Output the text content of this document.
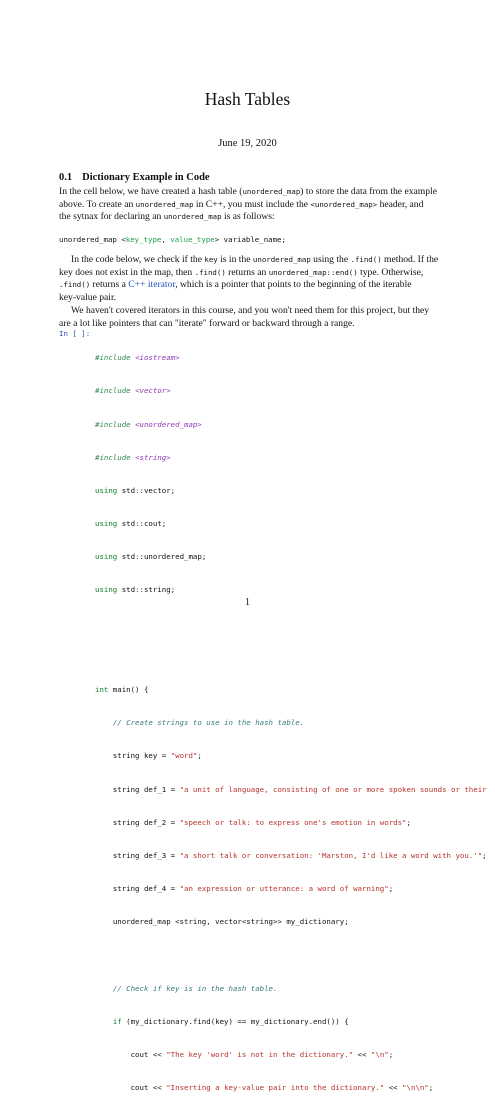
Hash Tables
June 19, 2020
0.1 Dictionary Example in Code
In the cell below, we have created a hash table (unordered_map) to store the data from the example
above. To create an unordered_map in C++, you must include the <unordered_map> header, and
the sytnax for declaring an unordered_map is as follows:
unordered_map <key_type, value_type> variable_name;
In the code below, we check if the key is in the unordered_map using the .find() method. If the
key does not exist in the map, then .find() returns an unordered_map::end() type. Otherwise,
.find() returns a C++ iterator, which is a pointer that points to the beginning of the iterable
key-value pair.
We haven't covered iterators in this course, and you won't need them for this project, but they
are a lot like pointers that can "iterate" forward or backward through a range.
In [ ]:

#include <iostream>

#include <vector>

#include <unordered_map>

#include <string>

using std::vector;

using std::cout;

using std::unordered_map;

using std::string;

int main() {

// Create strings to use in the hash table.

string key = "word";

string def_1 = "a unit of language, consisting of one or more spoken sounds or their

string def_2 = "speech or talk: to express one's emotion in words";

string def_3 = "a short talk or conversation: 'Marston, I'd like a word with you.'";

string def_4 = "an expression or utterance: a word of warning";

unordered_map <string, vector<string>> my_dictionary;

// Check if key is in the hash table.

if (my_dictionary.find(key) == my_dictionary.end()) {

cout << "The key 'word' is not in the dictionary." << "\n";

cout << "Inserting a key-value pair into the dictionary." << "\n\n";

1
